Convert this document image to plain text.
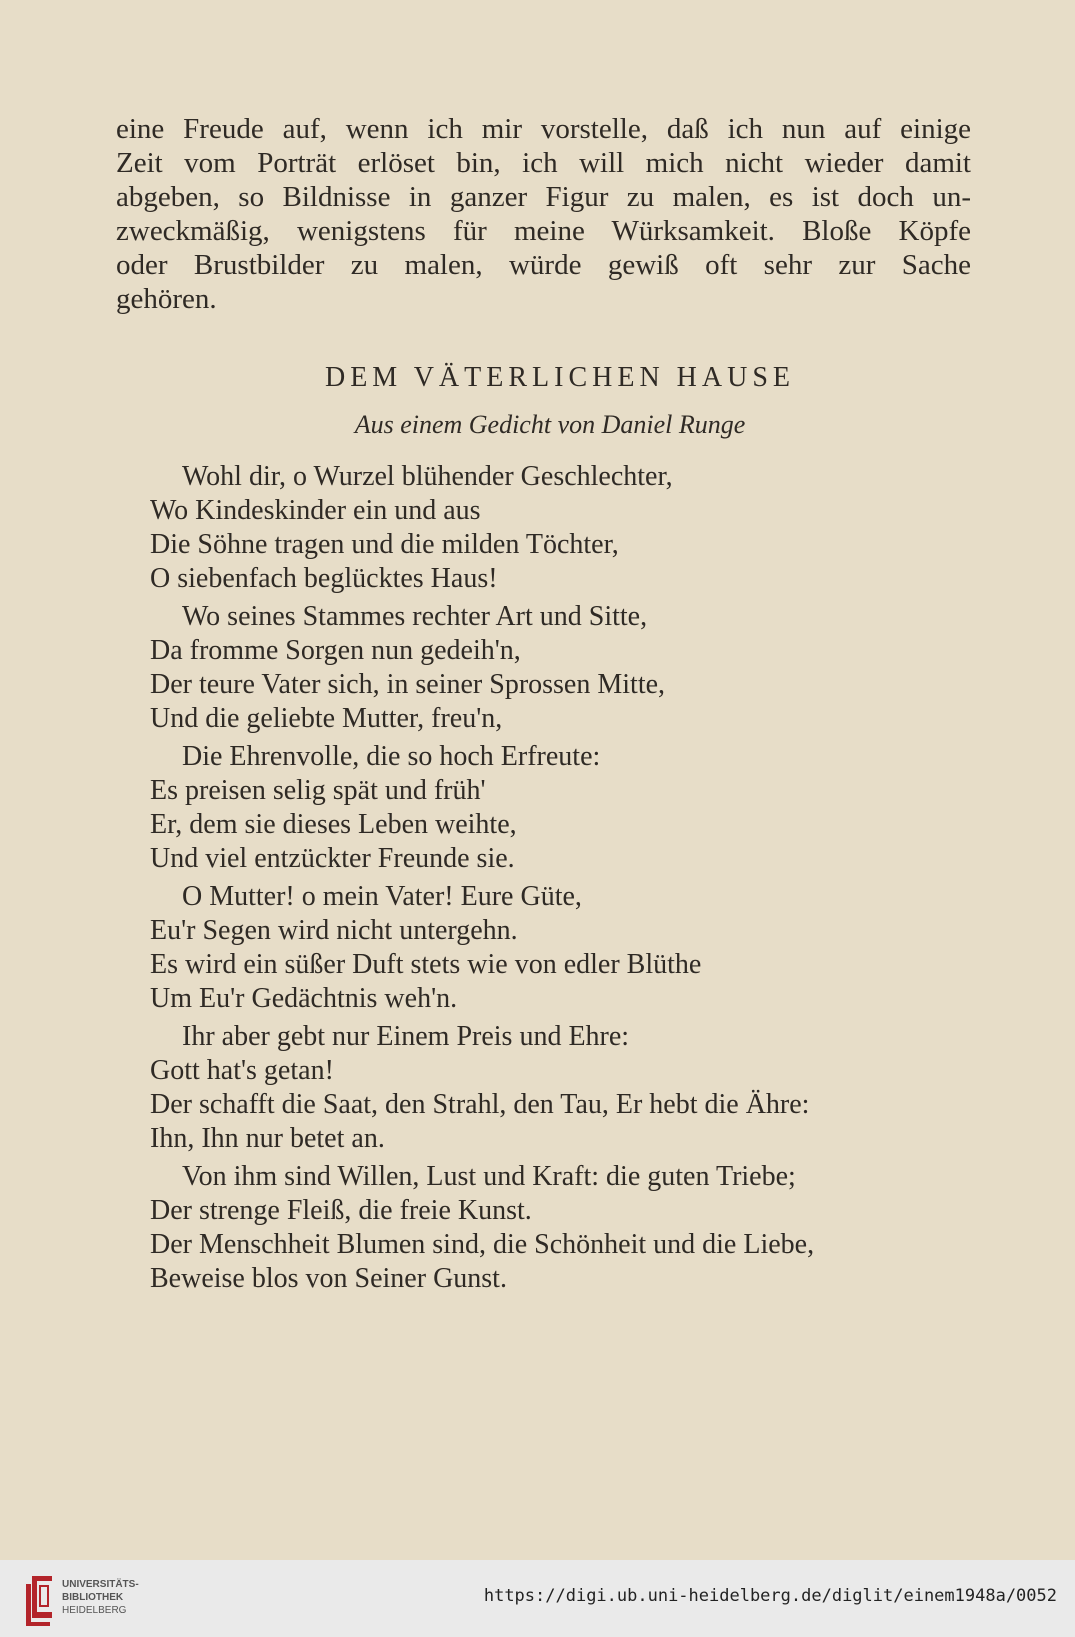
eine Freude auf, wenn ich mir vorstelle, daß ich nun auf einige
Zeit vom Porträt erlöset bin, ich will mich nicht wieder damit
abgeben, so Bildnisse in ganzer Figur zu malen, es ist doch un-
zweckmäßig, wenigstens für meine Würksamkeit. Bloße Köpfe
oder Brustbilder zu malen, würde gewiß oft sehr zur Sache
gehören.
DEM VÄTERLICHEN HAUSE
Aus einem Gedicht von Daniel Runge
Wohl dir, o Wurzel blühender Geschlechter,
Wo Kindeskinder ein und aus
Die Söhne tragen und die milden Töchter,
O siebenfach beglücktes Haus!
Wo seines Stammes rechter Art und Sitte,
Da fromme Sorgen nun gedeih'n,
Der teure Vater sich, in seiner Sprossen Mitte,
Und die geliebte Mutter, freu'n,
Die Ehrenvolle, die so hoch Erfreute:
Es preisen selig spät und früh'
Er, dem sie dieses Leben weihte,
Und viel entzückter Freunde sie.
O Mutter! o mein Vater! Eure Güte,
Eu'r Segen wird nicht untergehn.
Es wird ein süßer Duft stets wie von edler Blüthe
Um Eu'r Gedächtnis weh'n.
Ihr aber gebt nur Einem Preis und Ehre:
Gott hat's getan!
Der schafft die Saat, den Strahl, den Tau, Er hebt die Ähre:
Ihn, Ihn nur betet an.
Von ihm sind Willen, Lust und Kraft: die guten Triebe;
Der strenge Fleiß, die freie Kunst.
Der Menschheit Blumen sind, die Schönheit und die Liebe,
Beweise blos von Seiner Gunst.
UNIVERSITÄTS-
BIBLIOTHEK
HEIDELBERG
https://digi.ub.uni-heidelberg.de/diglit/einem1948a/0052
